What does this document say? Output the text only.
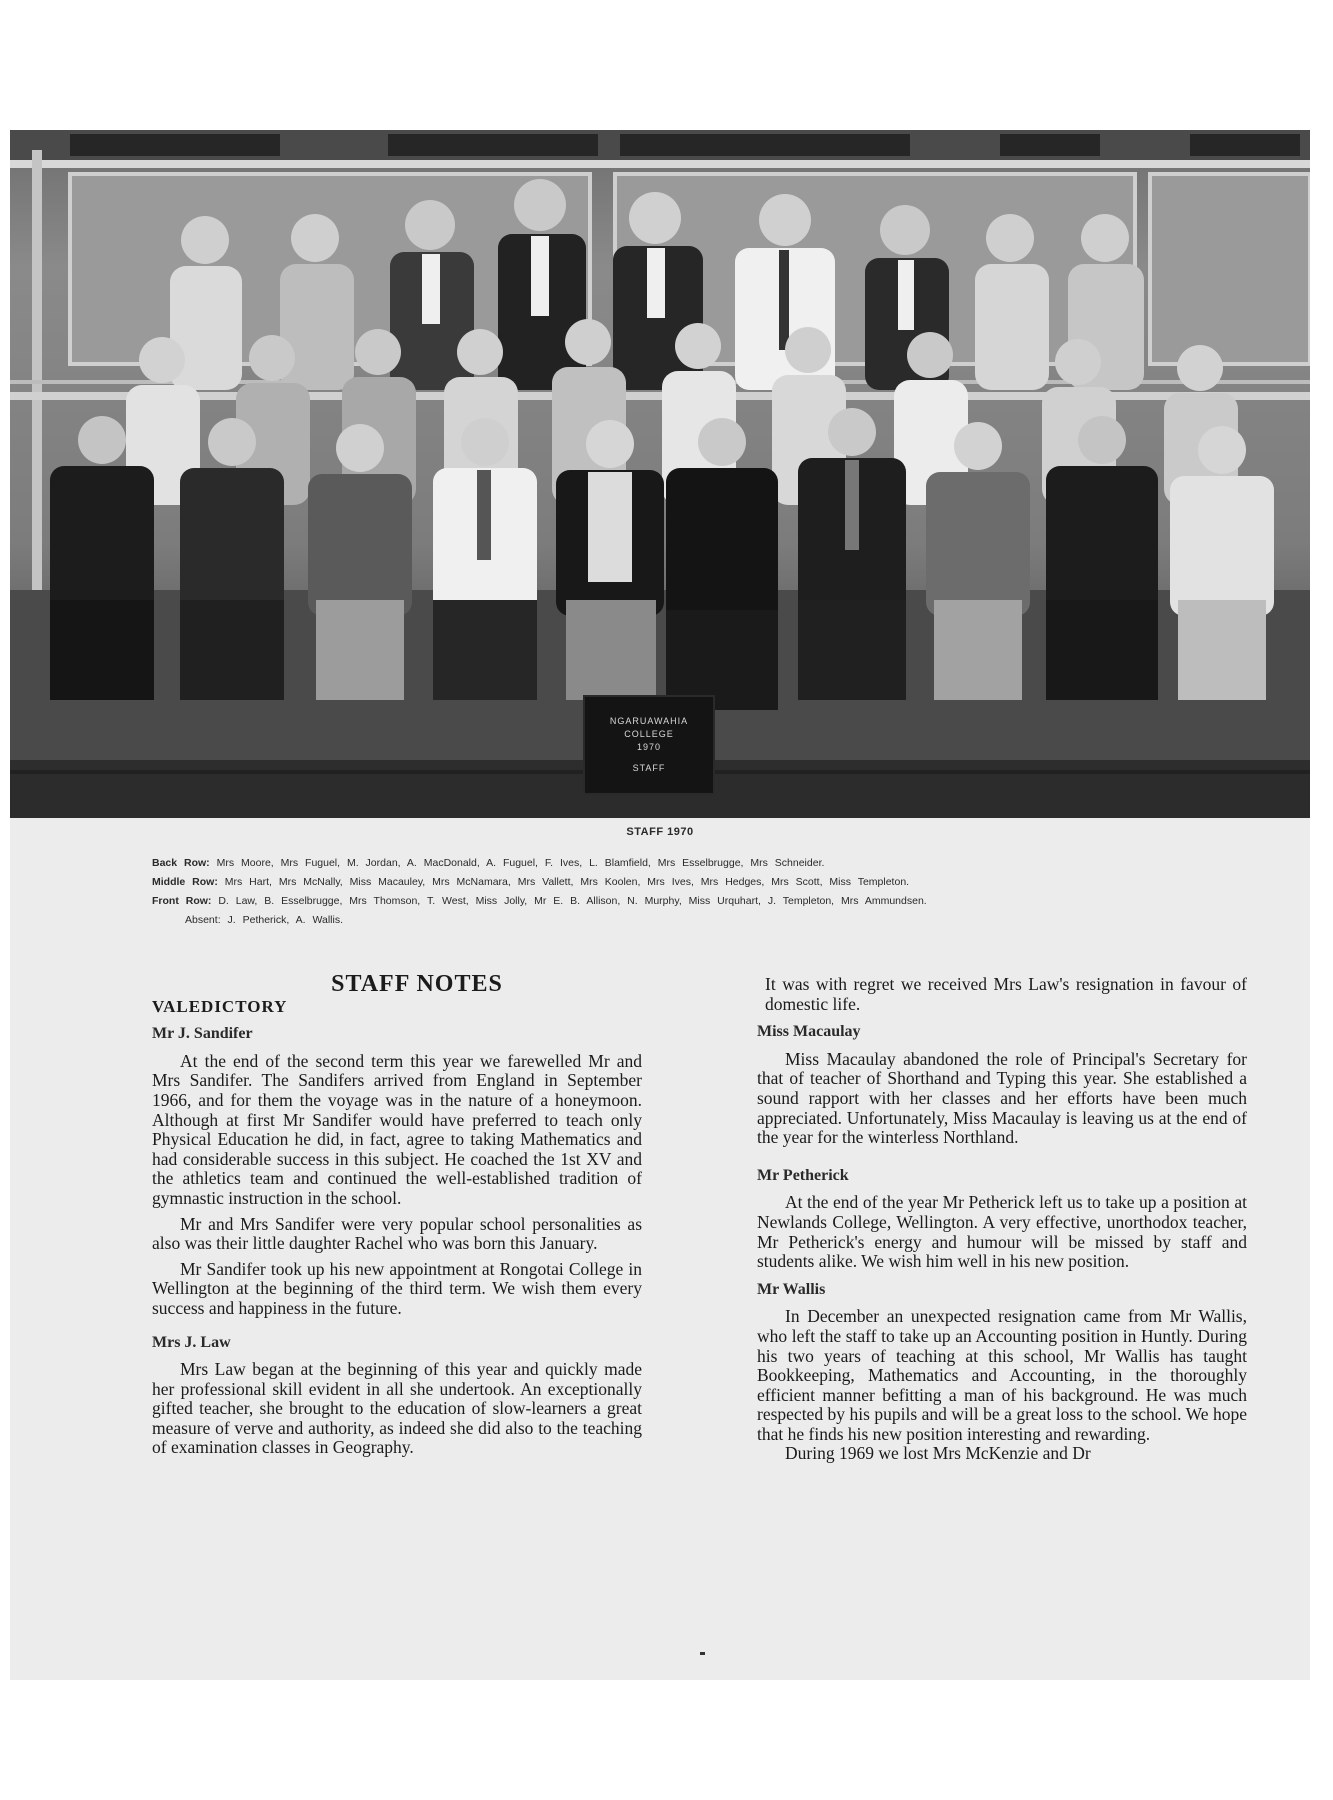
NGARUAWAHIA COLLEGE
1970
STAFF
STAFF 1970
Back Row: Mrs Moore, Mrs Fuguel, M. Jordan, A. MacDonald, A. Fuguel, F. Ives, L. Blamfield, Mrs Esselbrugge, Mrs Schneider.
Middle Row: Mrs Hart, Mrs McNally, Miss Macauley, Mrs McNamara, Mrs Vallett, Mrs Koolen, Mrs Ives, Mrs Hedges, Mrs Scott, Miss Templeton.
Front Row: D. Law, B. Esselbrugge, Mrs Thomson, T. West, Miss Jolly, Mr E. B. Allison, N. Murphy, Miss Urquhart, J. Templeton, Mrs Ammundsen.
Absent: J. Petherick, A. Wallis.
STAFF NOTES
VALEDICTORY
Mr J. Sandifer

At the end of the second term this year we farewelled Mr and Mrs Sandifer. The Sandifers arrived from England in September 1966, and for them the voyage was in the nature of a honeymoon. Although at first Mr Sandifer would have preferred to teach only Physical Education he did, in fact, agree to taking Mathematics and had considerable success in this subject. He coached the 1st XV and the athletics team and continued the well-established tradition of gymnastic instruction in the school.

Mr and Mrs Sandifer were very popular school personalities as also was their little daughter Rachel who was born this January.

Mr Sandifer took up his new appointment at Rongotai College in Wellington at the beginning of the third term. We wish them every success and happiness in the future.

Mrs J. Law

Mrs Law began at the beginning of this year and quickly made her professional skill evident in all she undertook. An exceptionally gifted teacher, she brought to the education of slow-learners a great measure of verve and authority, as indeed she did also to the teaching of examination classes in Geography.

It was with regret we received Mrs Law's resignation in favour of domestic life.

Miss Macaulay

Miss Macaulay abandoned the role of Principal's Secretary for that of teacher of Shorthand and Typing this year. She established a sound rapport with her classes and her efforts have been much appreciated. Unfortunately, Miss Macaulay is leaving us at the end of the year for the winterless Northland.

Mr Petherick

At the end of the year Mr Petherick left us to take up a position at Newlands College, Wellington. A very effective, unorthodox teacher, Mr Petherick's energy and humour will be missed by staff and students alike. We wish him well in his new position.

Mr Wallis

In December an unexpected resignation came from Mr Wallis, who left the staff to take up an Accounting position in Huntly. During his two years of teaching at this school, Mr Wallis has taught Bookkeeping, Mathematics and Accounting, in the thoroughly efficient manner befitting a man of his background. He was much respected by his pupils and will be a great loss to the school. We hope that he finds his new position interesting and rewarding.

During 1969 we lost Mrs McKenzie and Dr
